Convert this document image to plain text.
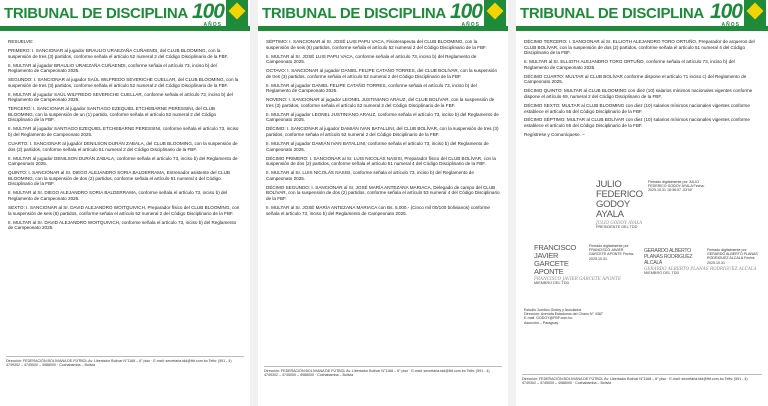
TRIBUNAL DE DISCIPLINA 100
AÑOS

RESUELVE:

PRIMERO: I. SANCIONAR al jugador BRAULIO URAEZAÑA CUÑAENDI, del CLUB BLOOMING, con la suspensión de tres (3) partidos, conforme señala el artículo 52 numeral 2 del Código Disciplinario de la FBF.

II. MULTAR al jugador BRAULIO URAEZAÑA CUÑAENDI, conforme señala el artículo 73, inciso b) del Reglamento de Campeonato 2025.

SEGUNDO: I. SANCIONAR al jugador SAÚL WILFREDO SEVERICHE CUELLAR, del CLUB BLOOMING, con la suspensión de tres (3) partidos, conforme señala el artículo 52 numeral 2 del Código Disciplinario de la FBF.

II. MULTAR al jugador SAÚL WILFREDO SEVERICHE CUELLAR, conforme señala el artículo 73, inciso b) del Reglamento de Campeonato 2025.

TERCERO: I. SANCIONAR al jugador SANTIAGO EZEQUIEL ETCHEBARNE PERESSINI, del CLUB BLOOMING, con la suspensión de un (1) partido, conforme señala el artículo 52 numeral 2 del Código Disciplinario de la FBF.

II. MULTAR al jugador SANTIAGO EZEQUIEL ETCHEBARNE PERESSINI, conforme señala el artículo 73, inciso b) del Reglamento de Campeonato 2025.

CUARTO: I. SANCIONAR al jugador DENILSON DURÁN ZABALA, del CLUB BLOOMING, con la suspensión de dos (2) partidos, conforme señala el artículo 51 numeral 2 del Código Disciplinario de la FBF.

II. MULTAR al jugador DENILSON DURÁN ZABALA, conforme señala el artículo 73, inciso b) del Reglamento de Campeonato 2025.

QUINTO: I. SANCIONAR al Sr. DIEGO ALEJANDRO SORIA BALDERRAMA, Entrenador asistente del CLUB BLOOMING, con la suspensión de dos (2) partidos, conforme señala el artículo 51 numeral 4 del Código Disciplinario de la FBF.

II. MULTAR al Sr. DIEGO ALEJANDRO SORIA BALDERRAMA, conforme señala el artículo 73, inciso b) del Reglamento de Campeonato 2025.

SEXTO: I. SANCIONAR al Sr. DAVID ALEJANDRO WOITQUIVICH, Preparador físico del CLUB BLOOMING, con la suspensión de seis (6) partidos, conforme señala el artículo 52 numeral 2 del Código Disciplinario de la FBF.

II. MULTAR al Sr. DAVID ALEJANDRO WOITQUIVICH, conforme señala el artículo 73, inciso b) del Reglamento de Campeonato 2025.

Dirección: FEDERACIÓN BOLIVIANA DE FÚTBOL Av. Libertador Bolívar N°1168 – 6° piso · E-mail: secretaria.tdd@fbf.com.bo Telfs: (591 - 4) 4749302 – 4745000 – 4988000 · Cochabamba – Bolivia
TRIBUNAL DE DISCIPLINA 100
AÑOS

SÉPTIMO: I. SANCIONAR al Sr. JOSÉ LUIS PAPU VACA, Fisioterapeuta del CLUB BLOOMING, con la suspensión de seis (6) partidos, conforme señala el artículo 52 numeral 2 del Código Disciplinario de la FBF.

II. MULTAR al Sr. JOSÉ LUIS PAPU VACA, conforme señala el artículo 73, inciso b) del Reglamento de Campeonato 2025.

OCTAVO: I. SANCIONAR al jugador DANIEL FELIPE CATAÑO TORRES, del CLUB BOLÍVAR, con la suspensión de tres (3) partidos, conforme señala el artículo 52 numeral 2 del Código Disciplinario de la FBF.

II. MULTAR al jugador DANIEL FELIPE CATAÑO TORRES, conforme señala el artículo 73, inciso b) del Reglamento de Campeonato 2025.

NOVENO: I. SANCIONAR al jugador LEONEL JUSTINIANO ARAUZ, del CLUB BOLÍVAR, con la suspensión de tres (3) partidos, conforme señala el artículo 52 numeral 2 del Código Disciplinario de la FBF.

II. MULTAR al jugador LEONEL JUSTINIANO ARAUZ, conforme señala el artículo 73, inciso b) del Reglamento de Campeonato 2025.

DÉCIMO: I. SANCIONAR al jugador DAMIÁN IVAN BATALLINI, del CLUB BOLÍVAR, con la suspensión de tres (3) partidos, conforme señala el artículo 52 numeral 2 del Código Disciplinario de la FBF.

II. MULTAR al jugador DAMIÁN IVAN BATALLINI, conforme señala el artículo 73, inciso b) del Reglamento de Campeonato 2025.

DÉCIMO PRIMERO: I. SANCIONAR al Sr. LUIS NICOLÁS NASISI, Preparador físico del CLUB BOLÍVAR, con la suspensión de dos (2) partidos, conforme señala el artículo 51 numeral 4 del Código Disciplinario de la FBF.

II. MULTAR al Sr. LUIS NICOLÁS NASISI, conforme señala el artículo 73, inciso b) del Reglamento de Campeonato 2025.

DÉCIMO SEGUNDO: I. SANCIONAR al Sr. JOSÉ MARÍA ANTEZANA MARIACA, Delegado de campo del CLUB BOLÍVAR, con la suspensión de dos (2) partidos, conforme señala el artículo 53 numeral 4 del Código Disciplinario de la FBF.

II. MULTAR al Sr. JOSÉ MARÍA ANTEZANA MARIACA con Bs. 5.000.- (Cinco mil 00/100 bolivianos) conforme señala el artículo 73, inciso b) del Reglamento de Campeonato 2025.

Dirección: FEDERACIÓN BOLIVIANA DE FÚTBOL Av. Libertador Bolívar N°1168 – 6° piso · E-mail: secretaria.tdd@fbf.com.bo Telfs: (591 - 4) 4749302 – 4745000 – 4988000 · Cochabamba – Bolivia
TRIBUNAL DE DISCIPLINA 100
AÑOS

DÉCIMO TERCERO: I. SANCIONAR al Sr. ELLIOTH ALEJANDRO TORO ORTUÑO, Preparador de arqueros del CLUB BOLÍVAR, con la suspensión de dos (2) partidos, conforme señala el artículo 51 numeral 4 del Código Disciplinario de la FBF.

II. MULTAR al Sr. ELLIOTH ALEJANDRO TORO ORTUÑO, conforme señala el artículo 73, inciso b) del Reglamento de Campeonato 2025.

DÉCIMO CUARTO: MULTAR al CLUB BOLÍVAR conforme dispone el artículo 71 inciso c) del Reglamento de Campeonato 2025.

DÉCIMO QUINTO: MULTAR al CLUB BLOOMING con diez (10) salarios mínimos nacionales vigentes conforme dispone el artículo 69, numeral 2 del Código Disciplinario de la FBF.

DÉCIMO SEXTO: MULTAR al CLUB BLOOMING con diez (10) salarios mínimos nacionales vigentes conforme establece el artículo 55 del Código Disciplinario de la FBF.

DÉCIMO SÉPTIMO: MULTAR al CLUB BOLÍVAR con diez (10) salarios mínimos nacionales vigentes conforme establece el artículo 55 del Código Disciplinario de la FBF.

Regístrese y Comuníquese. –

JULIO FEDERICO GODOY AYALA
Firmado digitalmente por JULIO FEDERICO GODOY AYALA Fecha: 2025.10.31 16:36:57 -03'00'
JULIO GODOY AYALA
PRESIDENTE DEL TDD
FRANCISCO JAVIER GARCETE APONTE
Firmado digitalmente por FRANCISCO JAVIER GARCETE APONTE Fecha: 2025.10.31
FRANCISCO JAVIER GARCETE APONTE
MIEMBRO DEL TDD
GERARDO ALBERTO PLANAS RODRIGUEZ ALCALÁ
Firmado digitalmente por GERARDO ALBERTO PLANAS RODRIGUEZ ALCALÁ Fecha: 2025.10.31
GERARDO ALBERTO PLANAS RODRIGUEZ ALCALÁ
MIEMBRO DEL TDD
Estudio Jurídico Godoy y Asociados
Dirección: Avenida Estadunos del Chaco N° 4387
E-mail: GODOY@FBF.com.bo
Asunción – Paraguay
Dirección: FEDERACIÓN BOLIVIANA DE FÚTBOL Av. Libertador Bolívar N°1168 – 6° piso · E-mail: secretaria.tdd@fbf.com.bo Telfs: (591 - 4) 4749302 – 4745000 – 4988000 · Cochabamba – Bolivia
